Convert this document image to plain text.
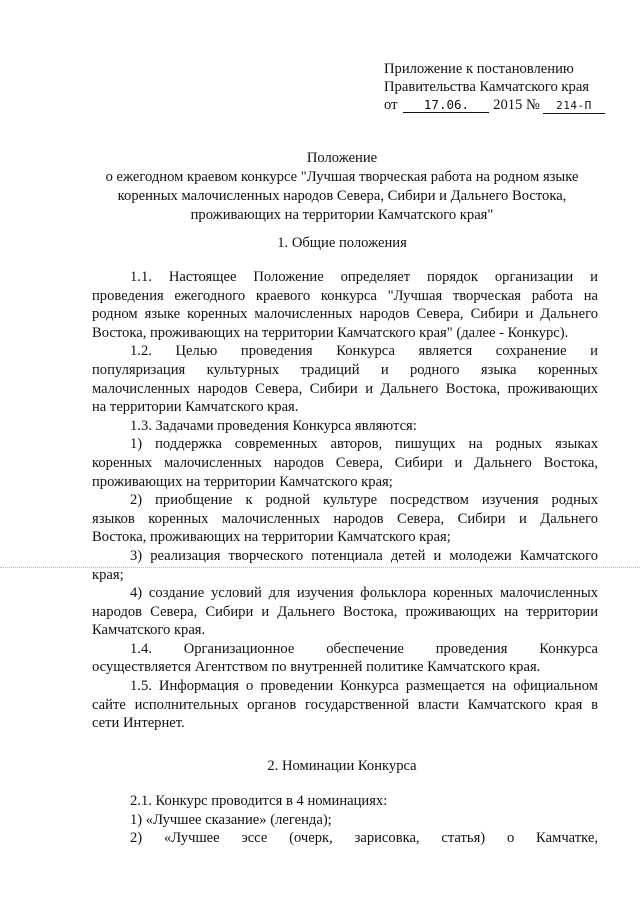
Приложение к постановлению
Правительства Камчатского края
от 17.06. 2015 № 214-П
Положение
о ежегодном краевом конкурсе "Лучшая творческая работа на родном языке
коренных малочисленных народов Севера, Сибири и Дальнего Востока,
проживающих на территории Камчатского края"
1. Общие положения

1.1. Настоящее Положение определяет порядок организации и

проведения ежегодного краевого конкурса "Лучшая творческая работа на

родном языке коренных малочисленных народов Севера, Сибири и Дальнего

Востока, проживающих на территории Камчатского края" (далее - Конкурс).

1.2. Целью проведения Конкурса является сохранение и

популяризация культурных традиций и родного языка коренных

малочисленных народов Севера, Сибири и Дальнего Востока, проживающих

на территории Камчатского края.

1.3. Задачами проведения Конкурса являются:

1) поддержка современных авторов, пишущих на родных языках

коренных малочисленных народов Севера, Сибири и Дальнего Востока,

проживающих на территории Камчатского края;

2) приобщение к родной культуре посредством изучения родных

языков коренных малочисленных народов Севера, Сибири и Дальнего

Востока, проживающих на территории Камчатского края;

3) реализация творческого потенциала детей и молодежи Камчатского

края;

4) создание условий для изучения фольклора коренных малочисленных

народов Севера, Сибири и Дальнего Востока, проживающих на территории

Камчатского края.

1.4. Организационное обеспечение проведения Конкурса

осуществляется Агентством по внутренней политике Камчатского края.

1.5. Информация о проведении Конкурса размещается на официальном

сайте исполнительных органов государственной власти Камчатского края в

сети Интернет.

2. Номинации Конкурса

2.1. Конкурс проводится в 4 номинациях:

1) «Лучшее сказание» (легенда);

2) «Лучшее эссе (очерк, зарисовка, статья) о Камчатке,
